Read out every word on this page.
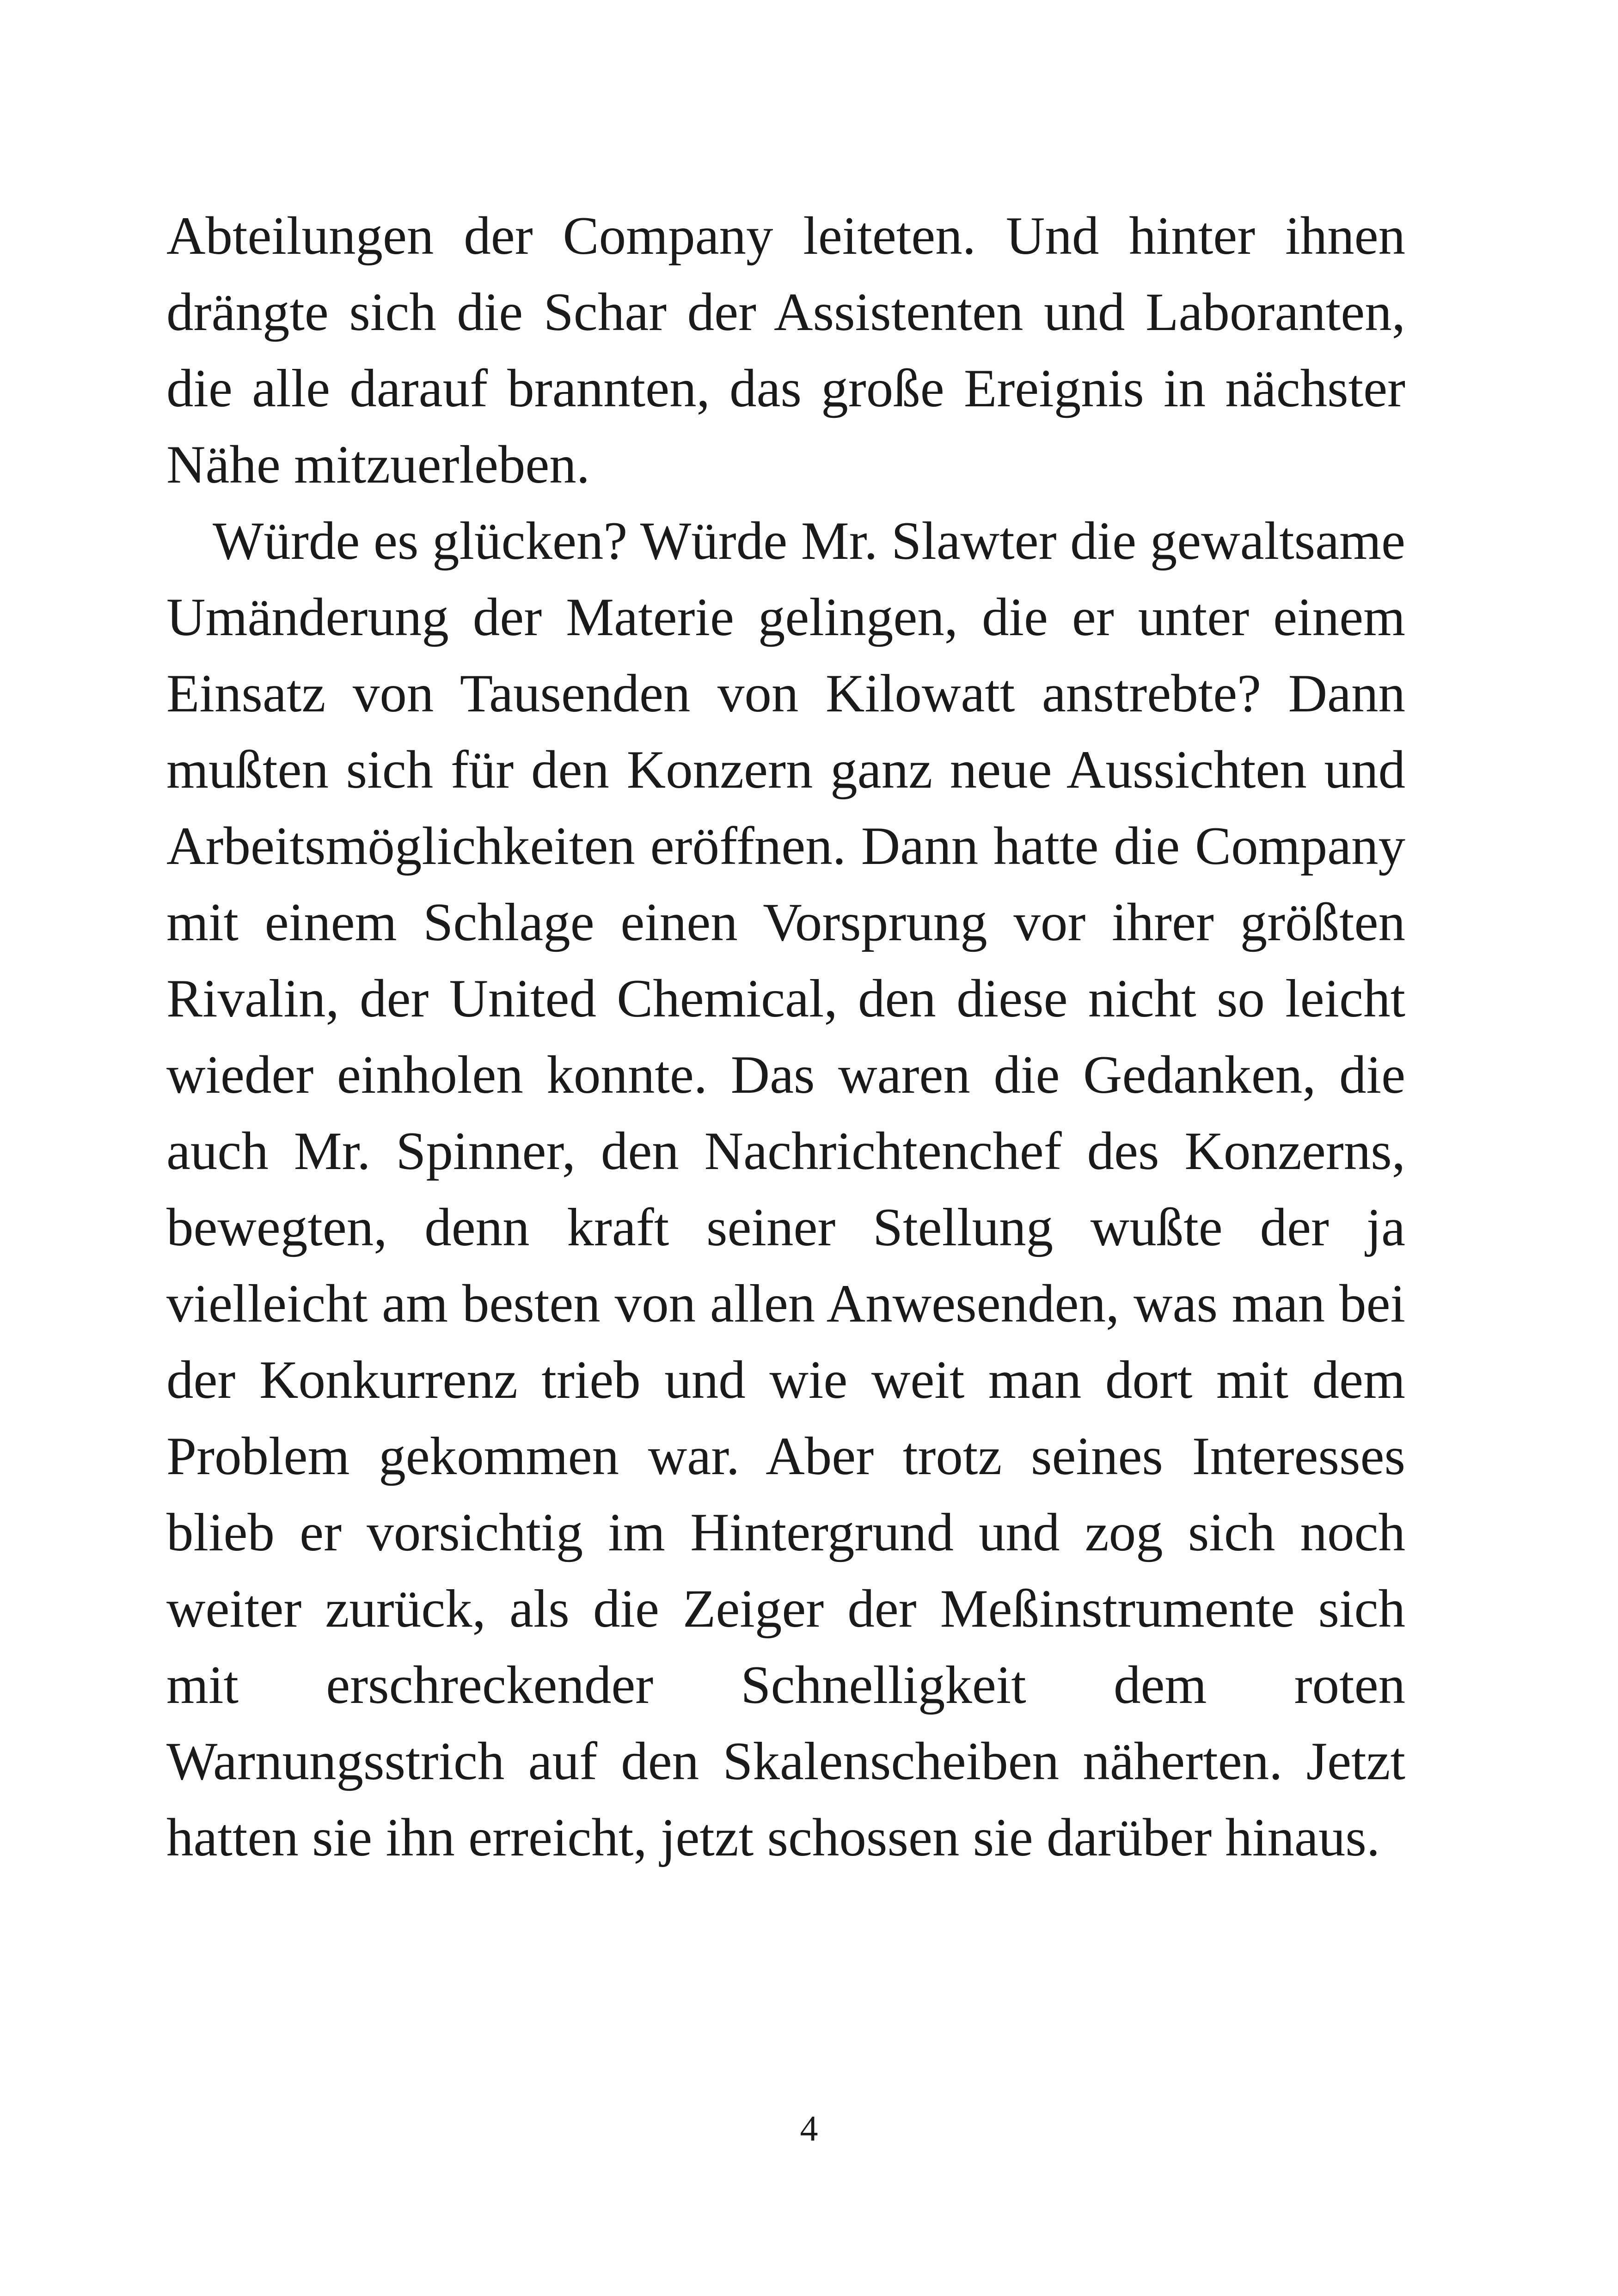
Abteilungen der Company leiteten. Und hinter ihnen drängte sich die Schar der Assistenten und Laboranten, die alle darauf brannten, das große Ereignis in nächster Nähe mitzuerleben.

Würde es glücken? Würde Mr. Slawter die gewaltsame Umänderung der Materie gelingen, die er unter einem Einsatz von Tausenden von Kilowatt anstrebte? Dann mußten sich für den Konzern ganz neue Aussichten und Arbeitsmöglichkeiten eröffnen. Dann hatte die Company mit einem Schlage einen Vorsprung vor ihrer größten Rivalin, der United Chemical, den diese nicht so leicht wieder einholen konnte. Das waren die Gedanken, die auch Mr. Spinner, den Nachrichtenchef des Konzerns, bewegten, denn kraft seiner Stellung wußte der ja vielleicht am besten von allen Anwesenden, was man bei der Konkurrenz trieb und wie weit man dort mit dem Problem gekommen war. Aber trotz seines Interesses blieb er vorsichtig im Hintergrund und zog sich noch weiter zurück, als die Zeiger der Meßinstrumente sich mit erschreckender Schnelligkeit dem roten Warnungsstrich auf den Skalenscheiben näherten. Jetzt hatten sie ihn erreicht, jetzt schossen sie darüber hinaus.

4
